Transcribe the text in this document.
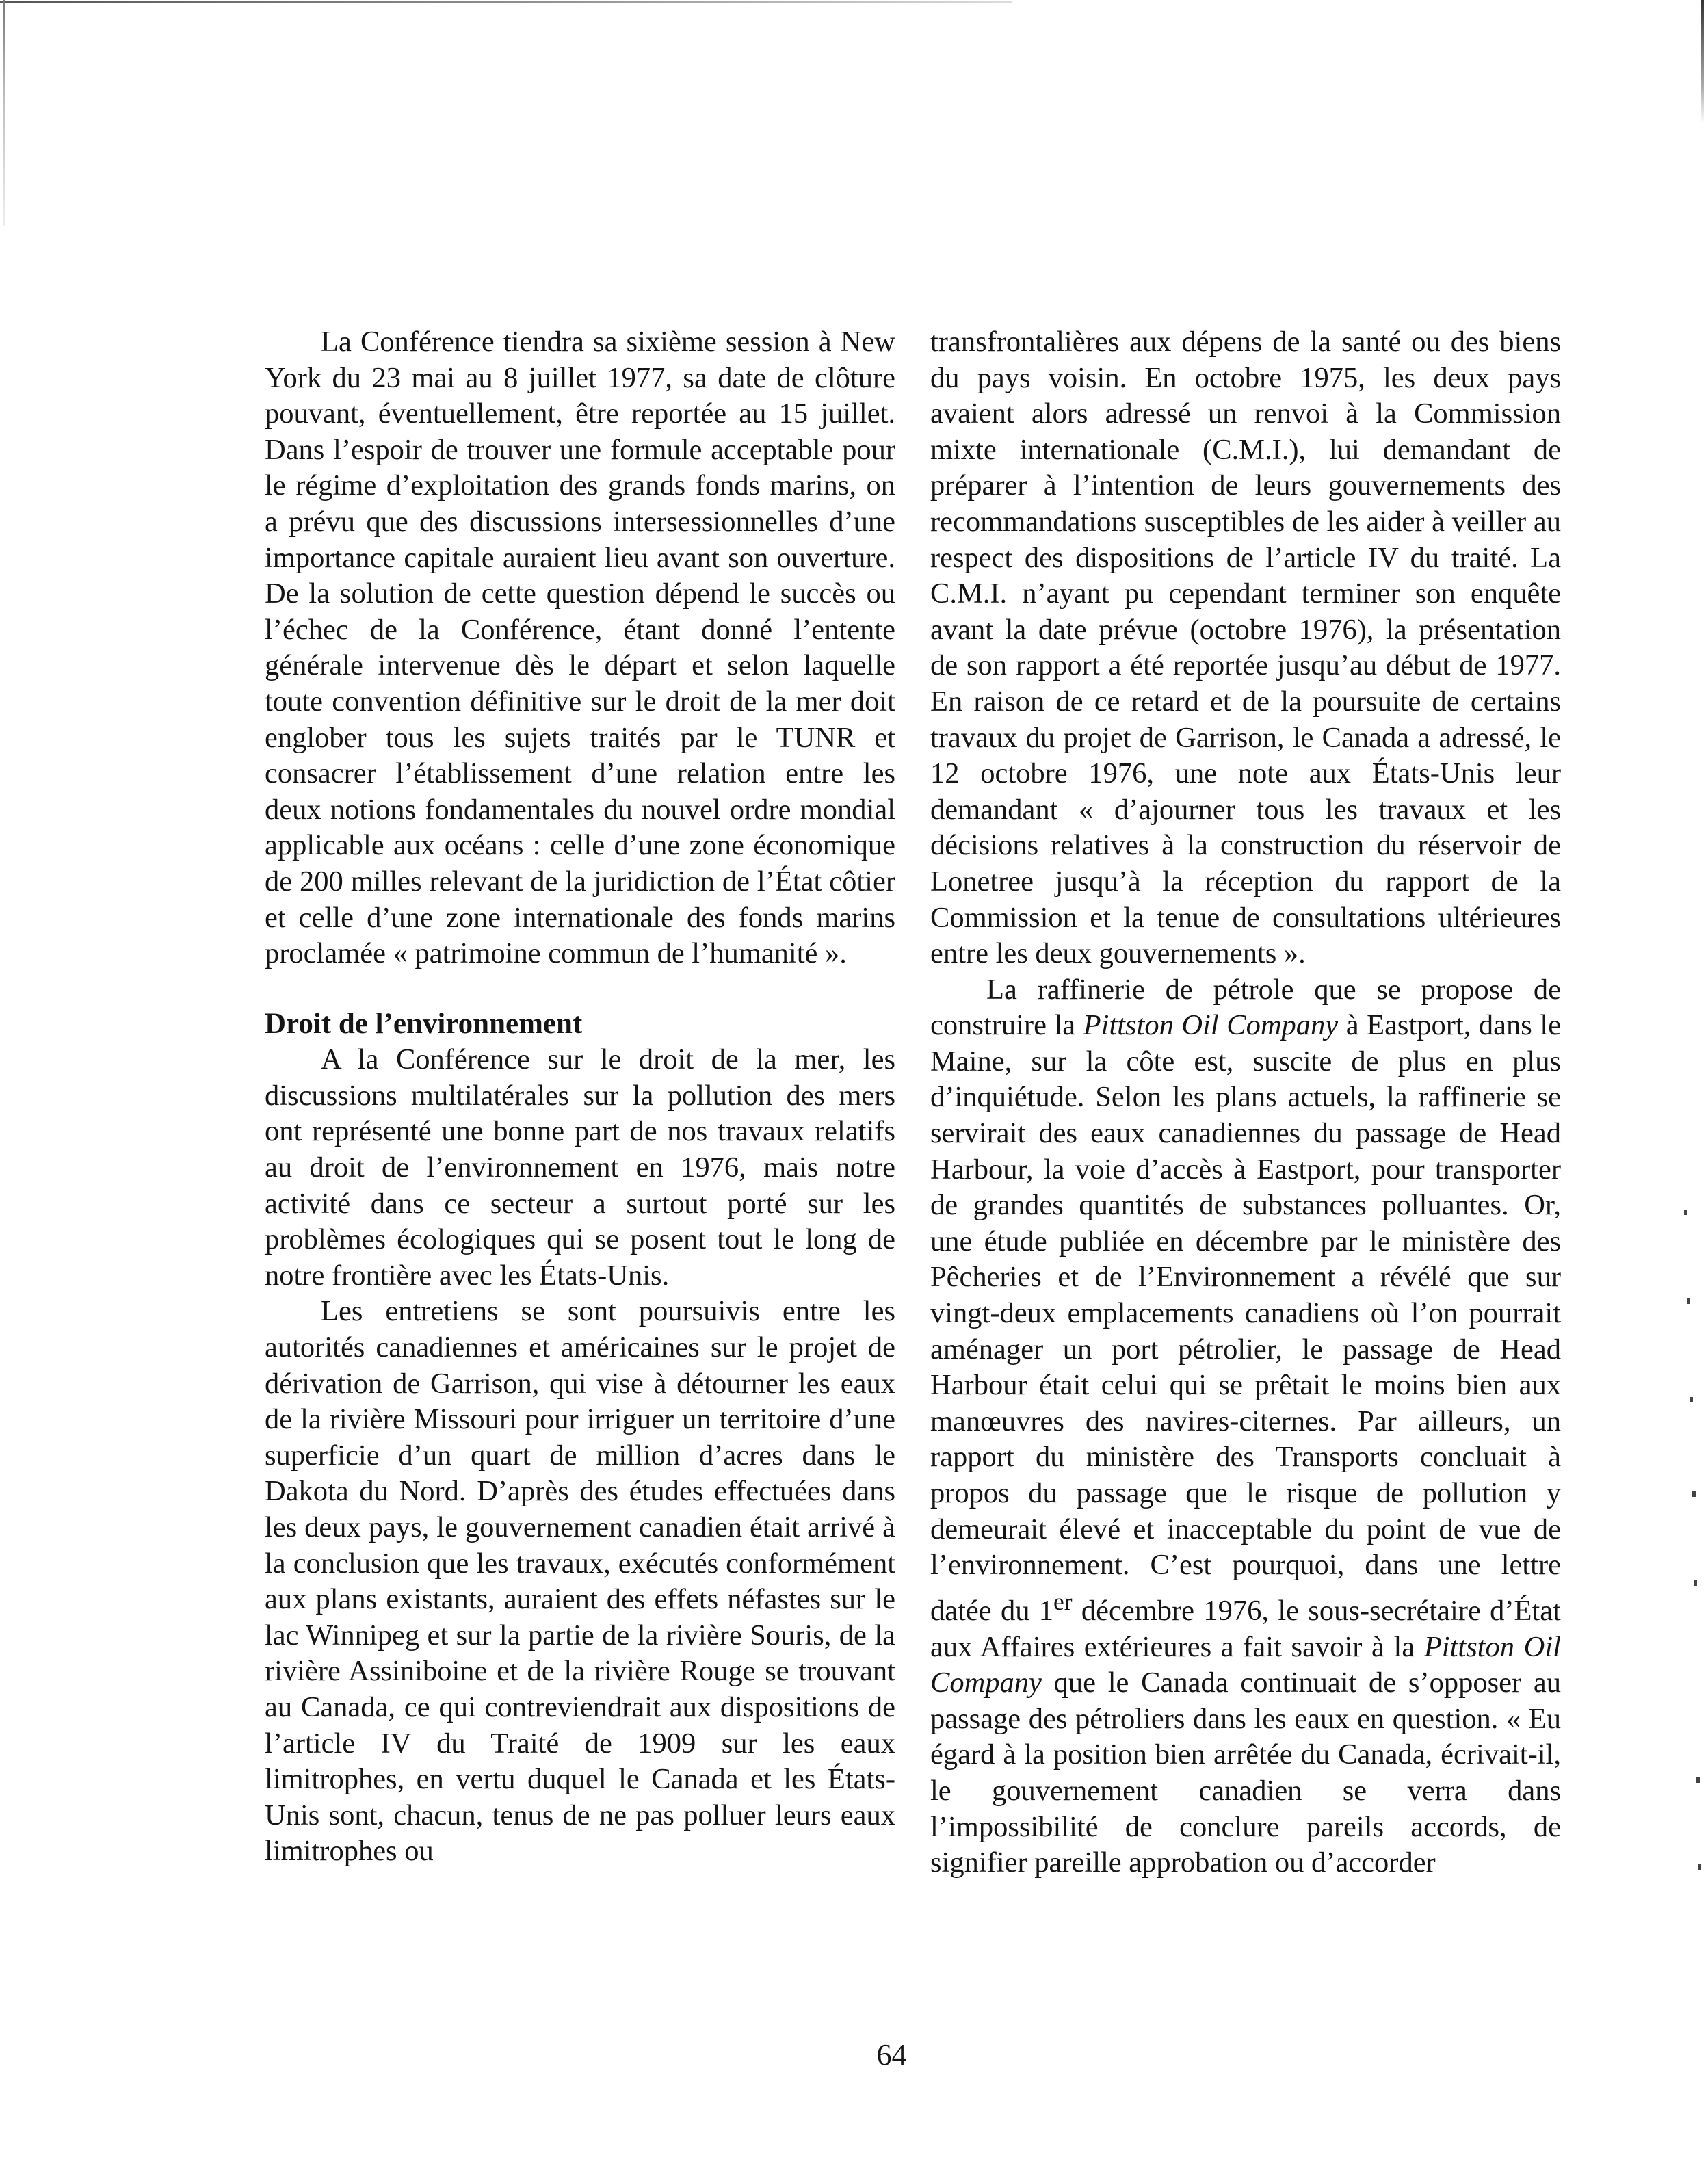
La Conférence tiendra sa sixième session à New York du 23 mai au 8 juillet 1977, sa date de clôture pouvant, éventuellement, être reportée au 15 juillet. Dans l’espoir de trouver une formule acceptable pour le régime d’exploitation des grands fonds marins, on a prévu que des discussions intersessionnelles d’une importance capitale auraient lieu avant son ouverture. De la solution de cette question dépend le succès ou l’échec de la Conférence, étant donné l’entente générale intervenue dès le départ et selon laquelle toute convention définitive sur le droit de la mer doit englober tous les sujets traités par le TUNR et consacrer l’établissement d’une relation entre les deux notions fondamentales du nouvel ordre mondial applicable aux océans : celle d’une zone économique de 200 milles relevant de la juridiction de l’État côtier et celle d’une zone internationale des fonds marins proclamée « patrimoine commun de l’humanité ».

Droit de l’environnement

A la Conférence sur le droit de la mer, les discussions multilatérales sur la pollution des mers ont représenté une bonne part de nos travaux relatifs au droit de l’environnement en 1976, mais notre activité dans ce secteur a surtout porté sur les problèmes écologiques qui se posent tout le long de notre frontière avec les États-Unis.

Les entretiens se sont poursuivis entre les autorités canadiennes et américaines sur le projet de dérivation de Garrison, qui vise à détourner les eaux de la rivière Missouri pour irriguer un territoire d’une superficie d’un quart de million d’acres dans le Dakota du Nord. D’après des études effectuées dans les deux pays, le gouvernement canadien était arrivé à la conclusion que les travaux, exécutés conformément aux plans existants, auraient des effets néfastes sur le lac Winnipeg et sur la partie de la rivière Souris, de la rivière Assiniboine et de la rivière Rouge se trouvant au Canada, ce qui contreviendrait aux dispositions de l’article IV du Traité de 1909 sur les eaux limitrophes, en vertu duquel le Canada et les États-Unis sont, chacun, tenus de ne pas polluer leurs eaux limitrophes ou

transfrontalières aux dépens de la santé ou des biens du pays voisin. En octobre 1975, les deux pays avaient alors adressé un renvoi à la Commission mixte internationale (C.M.I.), lui demandant de préparer à l’intention de leurs gouvernements des recommandations susceptibles de les aider à veiller au respect des dispositions de l’article IV du traité. La C.M.I. n’ayant pu cependant terminer son enquête avant la date prévue (octobre 1976), la présentation de son rapport a été reportée jusqu’au début de 1977. En raison de ce retard et de la poursuite de certains travaux du projet de Garrison, le Canada a adressé, le 12 octobre 1976, une note aux États-Unis leur demandant « d’ajourner tous les travaux et les décisions relatives à la construction du réservoir de Lonetree jusqu’à la réception du rapport de la Commission et la tenue de consultations ultérieures entre les deux gouvernements ».

La raffinerie de pétrole que se propose de construire la Pittston Oil Company à Eastport, dans le Maine, sur la côte est, suscite de plus en plus d’inquiétude. Selon les plans actuels, la raffinerie se servirait des eaux canadiennes du passage de Head Harbour, la voie d’accès à Eastport, pour transporter de grandes quantités de substances polluantes. Or, une étude publiée en décembre par le ministère des Pêcheries et de l’Environnement a révélé que sur vingt-deux emplacements canadiens où l’on pourrait aménager un port pétrolier, le passage de Head Harbour était celui qui se prêtait le moins bien aux manœuvres des navires-citernes. Par ailleurs, un rapport du ministère des Transports concluait à propos du passage que le risque de pollution y demeurait élevé et inacceptable du point de vue de l’environnement. C’est pourquoi, dans une lettre datée du 1er décembre 1976, le sous-secrétaire d’État aux Affaires extérieures a fait savoir à la Pittston Oil Company que le Canada continuait de s’opposer au passage des pétroliers dans les eaux en question. « Eu égard à la position bien arrêtée du Canada, écrivait-il, le gouvernement canadien se verra dans l’impossibilité de conclure pareils accords, de signifier pareille approbation ou d’accorder

64
